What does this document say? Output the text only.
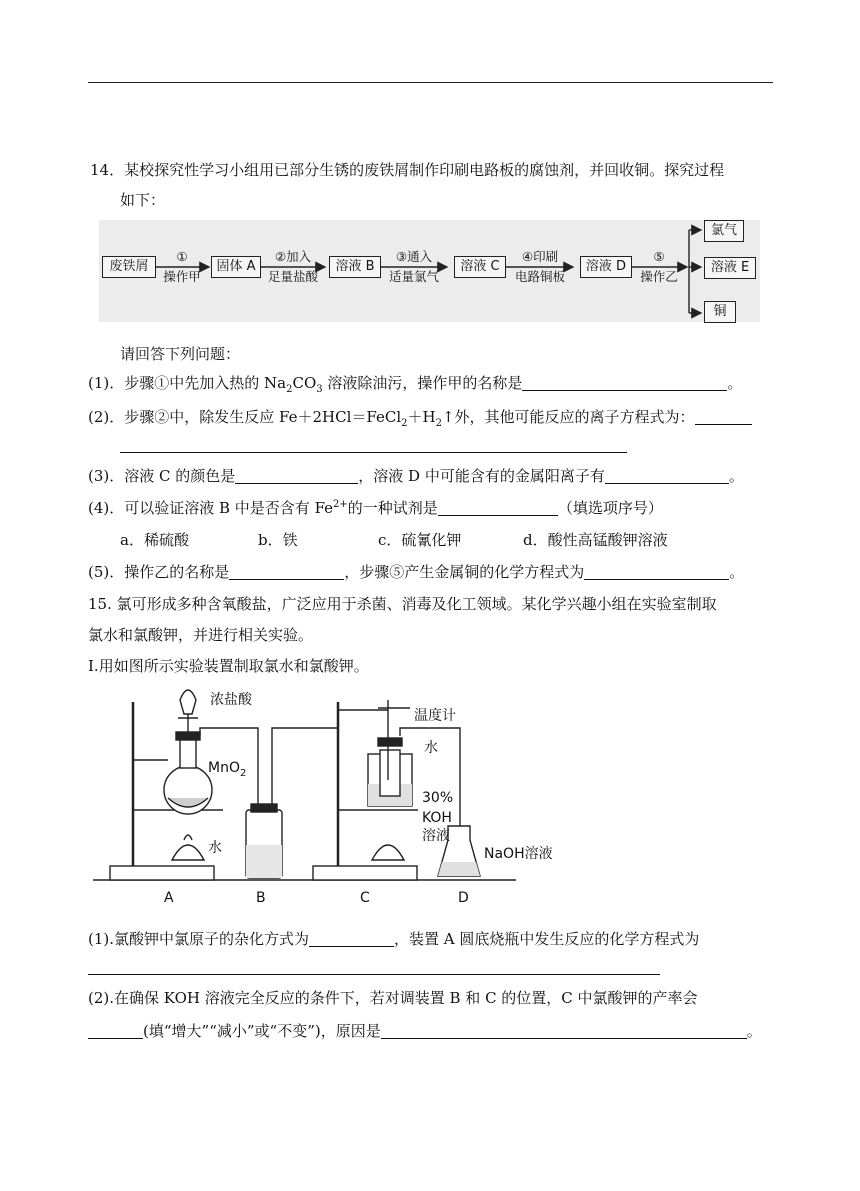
14．某校探究性学习小组用已部分生锈的废铁屑制作印刷电路板的腐蚀剂，并回收铜。探究过程
如下：
废铁屑	固体 A	溶液 B	溶液 C	溶液 D
氯气
溶液 E
铜
①
操作甲
②加入
足量盐酸
③通入
适量氯气
④印刷
电路铜板
⑤
操作乙
请回答下列问题：
(1)．步骤①中先加入热的 $Na_2CO_3$ 溶液除油污，操作甲的名称是	。
(2)．步骤②中，除发生反应 $Fe+2HCl=FeCl_2+H_2↑$外，其他可能反应的离子方程式为：
(3)．溶液 C 的颜色是	，溶液 D 中可能含有的金属阳离子有	。
(4)．可以验证溶液 B 中是否含有 $Fe^{2+}$的一种试剂是	（填选项序号）
a．稀硫酸	b．铁	c．硫氰化钾	d．酸性高锰酸钾溶液
(5)．操作乙的名称是	，步骤⑤产生金属铜的化学方程式为	。
15. 氯可形成多种含氧酸盐，广泛应用于杀菌、消毒及化工领域。某化学兴趣小组在实验室制取
氯水和氯酸钾，并进行相关实验。
I.用如图所示实验装置制取氯水和氯酸钾。
浓盐酸
MnO$_2$
水
温度计
水
30%
KOH
溶液
NaOH溶液
A	B	C	D
(1).氯酸钾中氯原子的杂化方式为	，装置 A 圆底烧瓶中发生反应的化学方程式为
(2).在确保 KOH 溶液完全反应的条件下，若对调装置 B 和 C 的位置，C 中氯酸钾的产率会
(填“增大”“减小”或“不变”)，原因是	。
